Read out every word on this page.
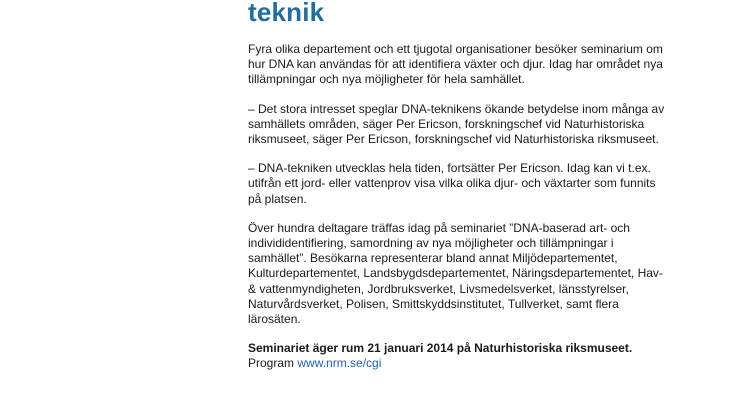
teknik

Fyra olika departement och ett tjugotal organisationer besöker seminarium om hur DNA kan användas för att identifiera växter och djur. Idag har området nya tillämpningar och nya möjligheter för hela samhället.

– Det stora intresset speglar DNA-teknikens ökande betydelse inom många av samhällets områden, säger Per Ericson, forskningschef vid Naturhistoriska riksmuseet, säger Per Ericson, forskningschef vid Naturhistoriska riksmuseet.

– DNA-tekniken utvecklas hela tiden, fortsätter Per Ericson. Idag kan vi t.ex. utifrån ett jord- eller vattenprov visa vilka olika djur- och växtarter som funnits på platsen.

Över hundra deltagare träffas idag på seminariet ”DNA-baserad art- och individidentifiering, samordning av nya möjligheter och tillämpningar i samhället”. Besökarna representerar bland annat Miljödepartementet, Kulturdepartementet, Landsbygdsdepartementet, Näringsdepartementet, Hav- & vattenmyndigheten, Jordbruksverket, Livsmedelsverket, länsstyrelser, Naturvårdsverket, Polisen, Smittskyddsinstitutet, Tullverket, samt flera lärosäten.

Seminariet äger rum 21 januari 2014 på Naturhistoriska riksmuseet.

Program www.nrm.se/cgi
